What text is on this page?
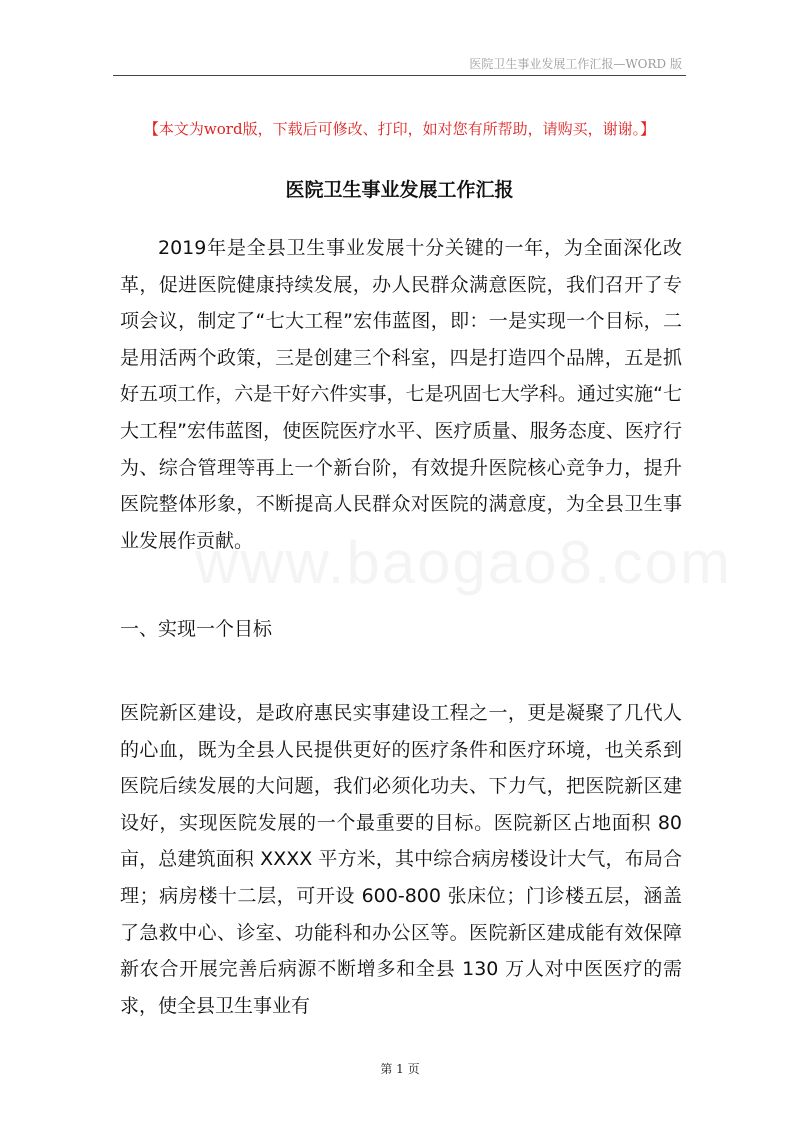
医院卫生事业发展工作汇报—WORD 版
【本文为word版，下载后可修改、打印，如对您有所帮助，请购买，谢谢。】
医院卫生事业发展工作汇报
2019年是全县卫生事业发展十分关键的一年，为全面深化改革，促进医院健康持续发展，办人民群众满意医院，我们召开了专项会议，制定了“七大工程”宏伟蓝图，即：一是实现一个目标，二是用活两个政策，三是创建三个科室，四是打造四个品牌，五是抓好五项工作，六是干好六件实事，七是巩固七大学科。通过实施“七大工程”宏伟蓝图，使医院医疗水平、医疗质量、服务态度、医疗行为、综合管理等再上一个新台阶，有效提升医院核心竞争力，提升医院整体形象，不断提高人民群众对医院的满意度，为全县卫生事业发展作贡献。
一、实现一个目标
医院新区建设，是政府惠民实事建设工程之一，更是凝聚了几代人的心血，既为全县人民提供更好的医疗条件和医疗环境，也关系到医院后续发展的大问题，我们必须化功夫、下力气，把医院新区建设好，实现医院发展的一个最重要的目标。医院新区占地面积 80 亩，总建筑面积 XXXX 平方米，其中综合病房楼设计大气，布局合理；病房楼十二层，可开设 600-800 张床位；门诊楼五层，涵盖了急救中心、诊室、功能科和办公区等。医院新区建成能有效保障新农合开展完善后病源不断增多和全县 130 万人对中医医疗的需求，使全县卫生事业有
第 1 页
